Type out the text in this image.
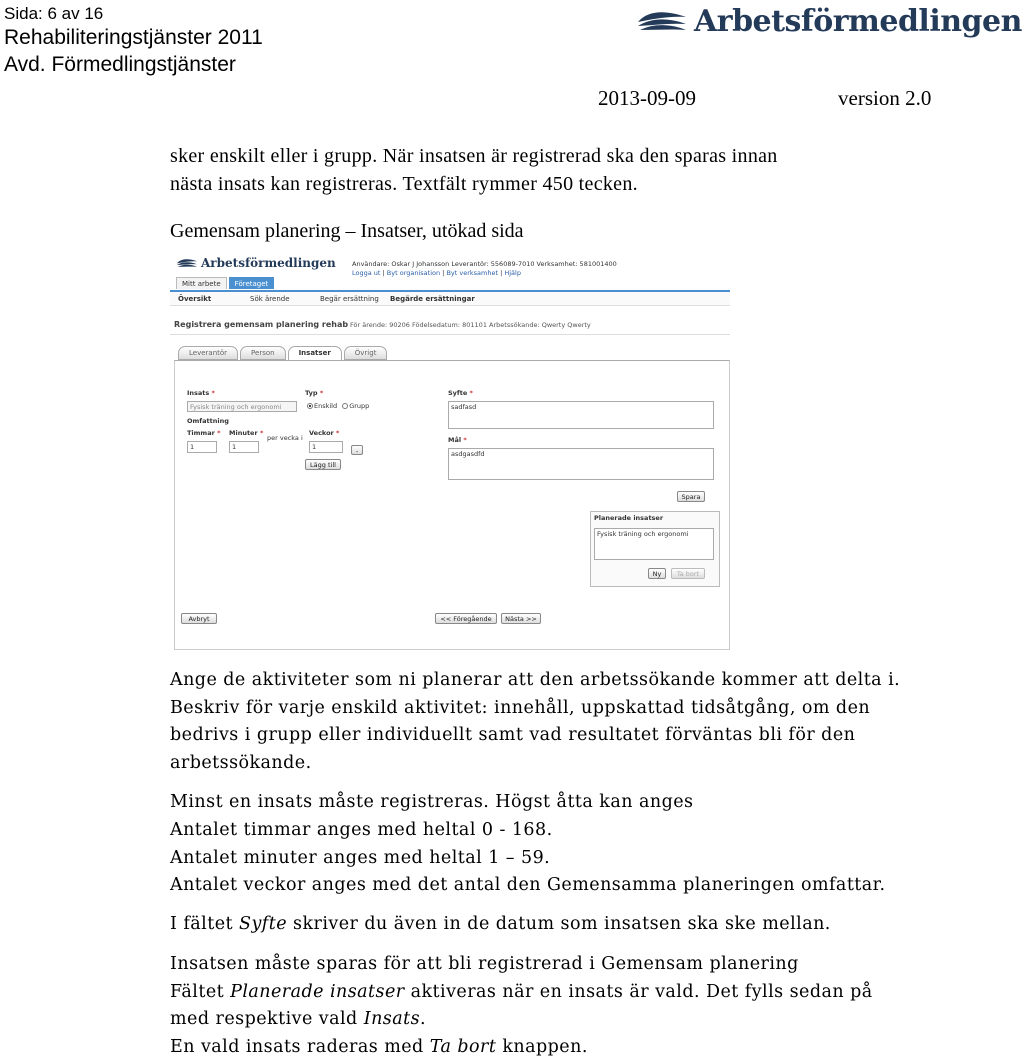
Sida: 6 av 16
Rehabiliteringstjänster 2011
Avd. Förmedlingstjänster
Arbetsförmedlingen
2013-09-09	version 2.0
sker enskilt eller i grupp. När insatsen är registrerad ska den sparas innan
nästa insats kan registreras. Textfält rymmer 450 tecken.
Gemensam planering – Insatser, utökad sida
Arbetsförmedlingen Användare: Oskar J Johansson Leverantör: 556089-7010 Verksamhet: 581001400
Logga ut | Byt organisation | Byt verksamhet | Hjälp
Mitt arbete	Företaget
Översikt	Sök ärende	Begär ersättning Begärde ersättningar
Registrera gemensam planering rehab För ärende: 90206 Födelsedatum: 801101 Arbetssökande: Qwerty Qwerty
Leverantör	Person	Insatser	Övrigt
Insats *
Fysisk träning och ergonomi
Typ *
Enskild Grupp
Omfattning
Timmar * Minuter *
per vecka i
Veckor *
1	1	1	-
Lägg till
Syfte *
sadfasd
Mål *
asdgasdfd
Spara
Planerade insatser
Fysisk träning och ergonomi
Ny	Ta bort
Avbryt	<< Föregående	Nästa >>
Ange de aktiviteter som ni planerar att den arbetssökande kommer att delta i.
Beskriv för varje enskild aktivitet: innehåll, uppskattad tidsåtgång, om den
bedrivs i grupp eller individuellt samt vad resultatet förväntas bli för den
arbetssökande.
Minst en insats måste registreras. Högst åtta kan anges
Antalet timmar anges med heltal 0 - 168.
Antalet minuter anges med heltal 1 – 59.
Antalet veckor anges med det antal den Gemensamma planeringen omfattar.
I fältet Syfte skriver du även in de datum som insatsen ska ske mellan.
Insatsen måste sparas för att bli registrerad i Gemensam planering
Fältet Planerade insatser aktiveras när en insats är vald. Det fylls sedan på
med respektive vald Insats.
En vald insats raderas med Ta bort knappen.
